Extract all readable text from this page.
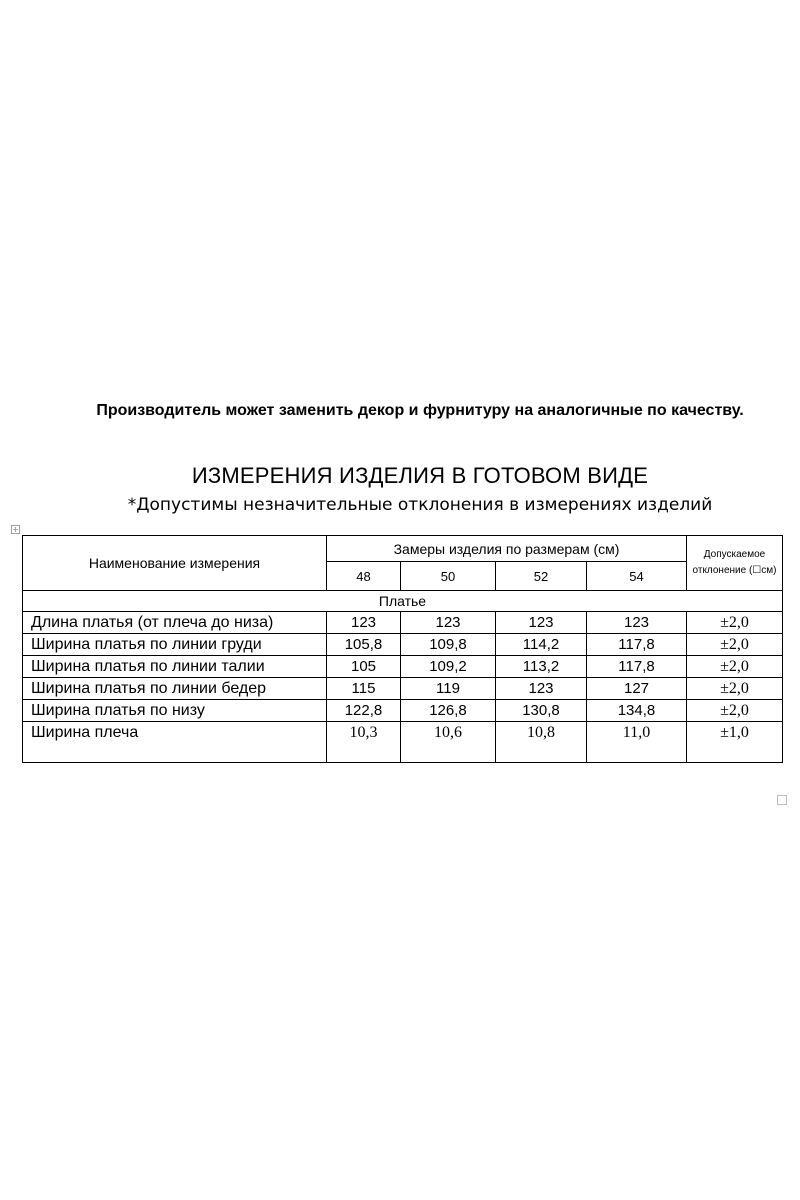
Производитель может заменить декор и фурнитуру на аналогичные по качеству.
ИЗМЕРЕНИЯ ИЗДЕЛИЯ В ГОТОВОМ ВИДЕ
*Допустимы незначительные отклонения в измерениях изделий
+
Наименование измерения	Замеры изделия по размерам (см)				Допускаемое отклонение (☐см)
	48	50	52	54	
Платье					
Длина платья (от плеча до низа)	123	123	123	123	±2,0
Ширина платья по линии груди	105,8	109,8	114,2	117,8	±2,0
Ширина платья по линии талии	105	109,2	113,2	117,8	±2,0
Ширина платья по линии бедер	115	119	123	127	±2,0
Ширина платья по низу	122,8	126,8	130,8	134,8	±2,0
Ширина плеча	10,3	10,6	10,8	11,0	±1,0
